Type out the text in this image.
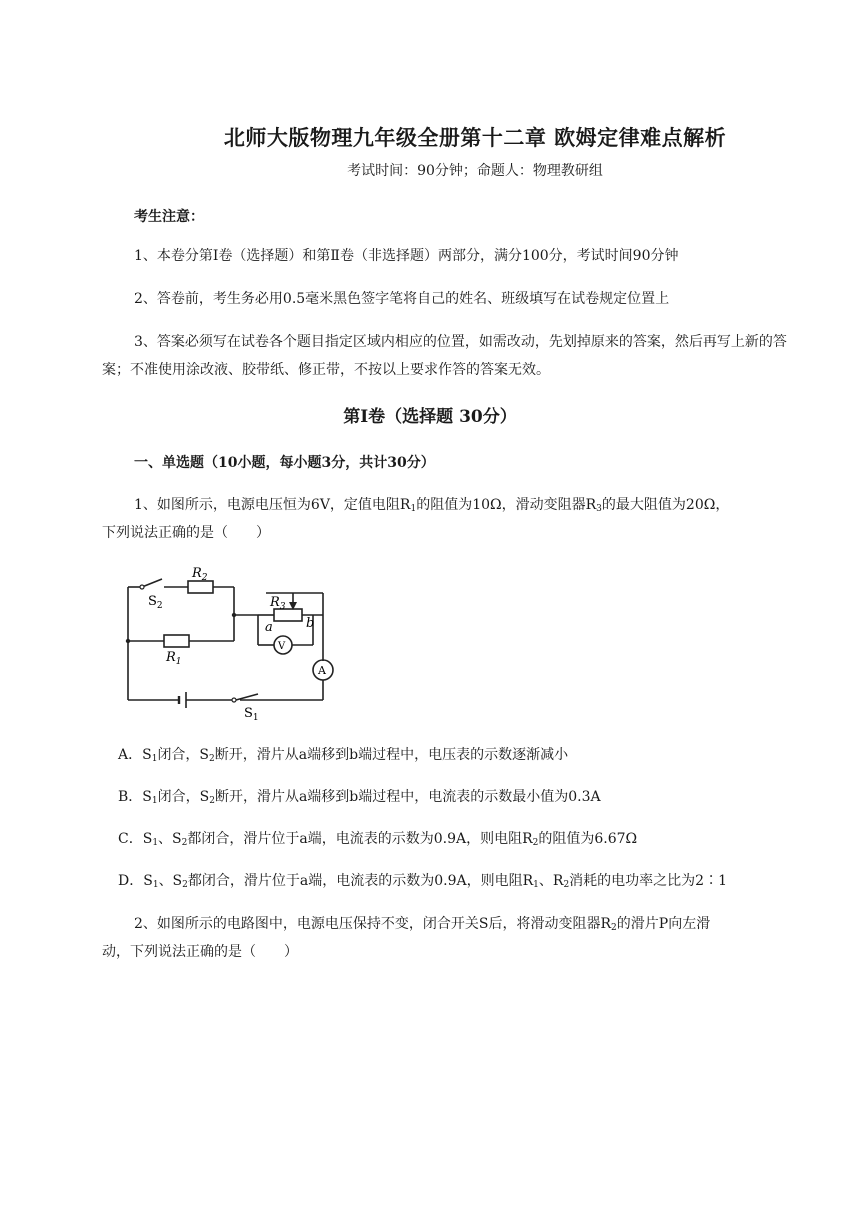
北师大版物理九年级全册第十二章 欧姆定律难点解析
考试时间：90分钟；命题人：物理教研组
考生注意：
1、本卷分第I卷（选择题）和第Ⅱ卷（非选择题）两部分，满分100分，考试时间90分钟
2、答卷前，考生务必用0.5毫米黑色签字笔将自己的姓名、班级填写在试卷规定位置上
3、答案必须写在试卷各个题目指定区域内相应的位置，如需改动，先划掉原来的答案，然后再写上新的答案；不准使用涂改液、胶带纸、修正带，不按以上要求作答的答案无效。
第I卷（选择题 30分）
一、单选题（10小题，每小题3分，共计30分）
1、如图所示，电源电压恒为6V，定值电阻$R_1$的阻值为10Ω，滑动变阻器$R_3$的最大阻值为20Ω，
下列说法正确的是（　　）
$R_2$
$S_2$	$R_3$
a	b
$R_1$
V
A
$S_1$
A．$S_1$闭合，$S_2$断开，滑片从a端移到b端过程中，电压表的示数逐渐减小
B．$S_1$闭合，$S_2$断开，滑片从a端移到b端过程中，电流表的示数最小值为0.3A
C．$S_1$、$S_2$都闭合，滑片位于a端，电流表的示数为0.9A，则电阻$R_2$的阻值为6.67Ω
D．$S_1$、$S_2$都闭合，滑片位于a端，电流表的示数为0.9A，则电阻$R_1$、$R_2$消耗的电功率之比为2∶1
2、如图所示的电路图中，电源电压保持不变，闭合开关S后，将滑动变阻器$R_2$的滑片P向左滑
动，下列说法正确的是（　　）
